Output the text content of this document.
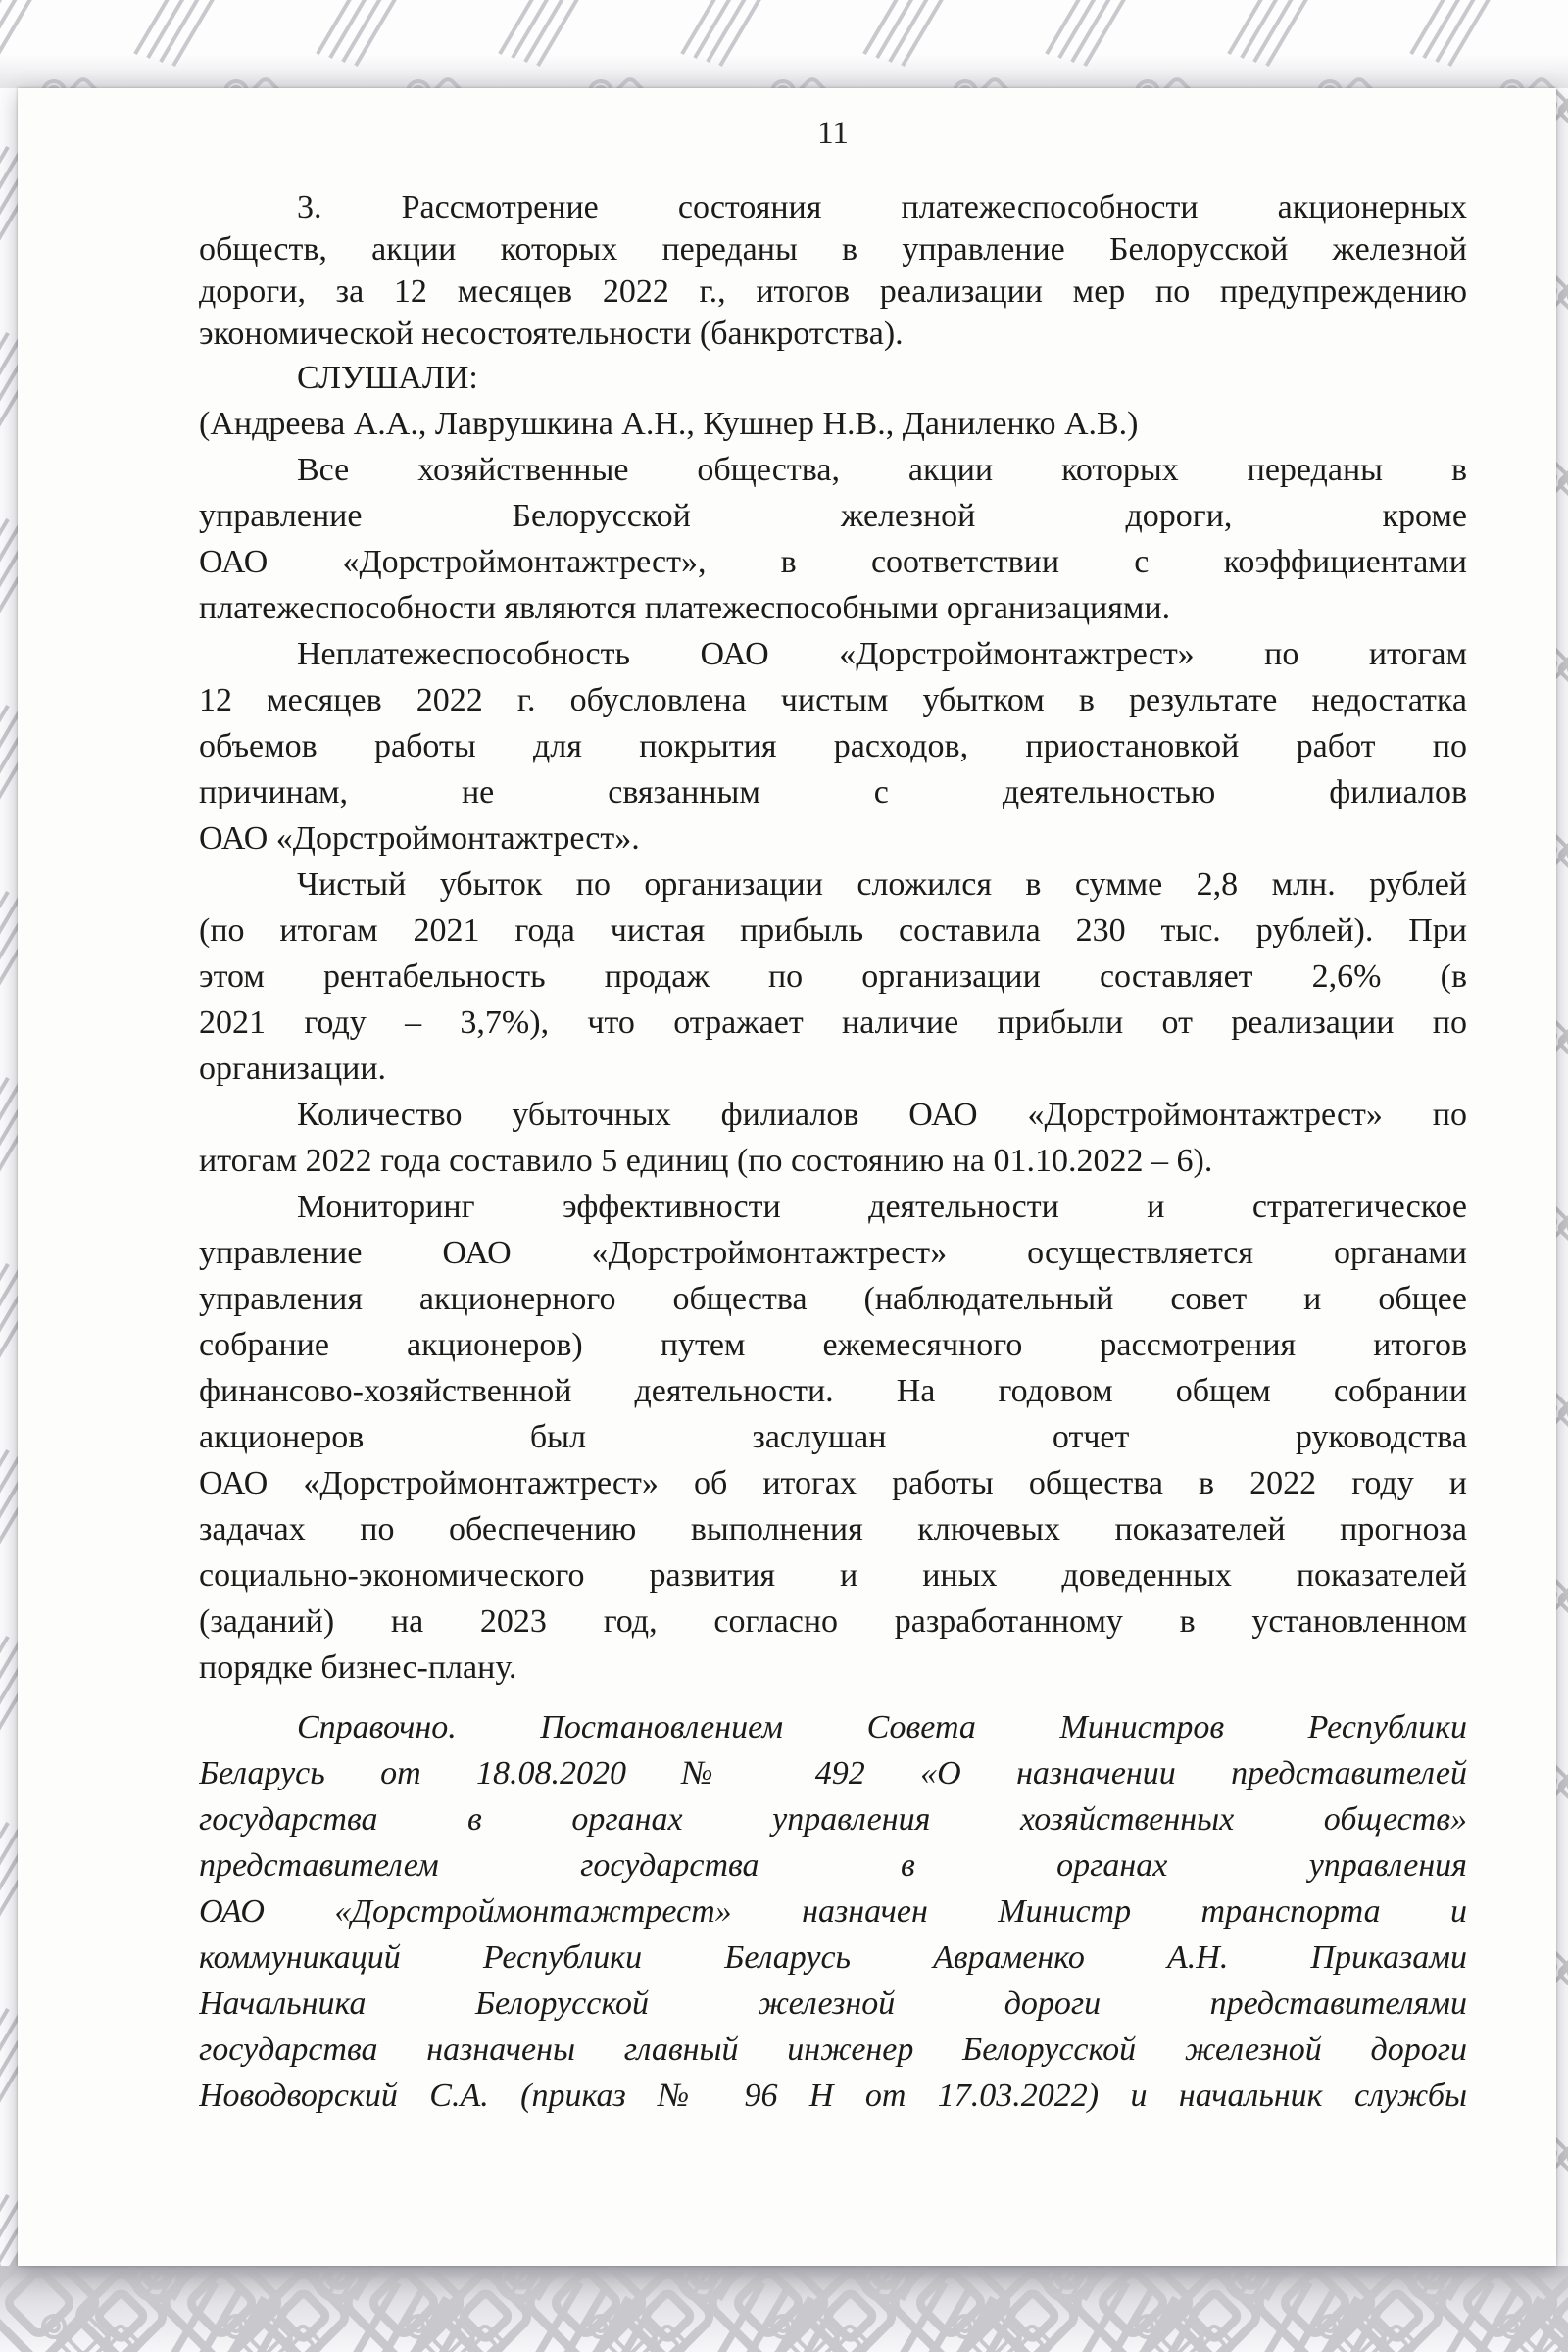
11
3. Рассмотрение состояния платежеспособности акционерных
обществ, акции которых переданы в управление Белорусской железной
дороги, за 12 месяцев 2022 г., итогов реализации мер по предупреждению
экономической несостоятельности (банкротства).
СЛУШАЛИ:
(Андреева А.А., Лаврушкина А.Н., Кушнер Н.В., Даниленко А.В.)
Все хозяйственные общества, акции которых переданы в
управление Белорусской железной дороги, кроме
ОАО «Дорстроймонтажтрест», в соответствии с коэффициентами
платежеспособности являются платежеспособными организациями.
Неплатежеспособность ОАО «Дорстроймонтажтрест» по итогам
12 месяцев 2022 г. обусловлена чистым убытком в результате недостатка
объемов работы для покрытия расходов, приостановкой работ по
причинам, не связанным с деятельностью филиалов
ОАО «Дорстроймонтажтрест».
Чистый убыток по организации сложился в сумме 2,8 млн. рублей
(по итогам 2021 года чистая прибыль составила 230 тыс. рублей). При
этом рентабельность продаж по организации составляет 2,6% (в
2021 году – 3,7%), что отражает наличие прибыли от реализации по
организации.
Количество убыточных филиалов ОАО «Дорстроймонтажтрест» по
итогам 2022 года составило 5 единиц (по состоянию на 01.10.2022 – 6).
Мониторинг эффективности деятельности и стратегическое
управление ОАО «Дорстроймонтажтрест» осуществляется органами
управления акционерного общества (наблюдательный совет и общее
собрание акционеров) путем ежемесячного рассмотрения итогов
финансово-хозяйственной деятельности. На годовом общем собрании
акционеров был заслушан отчет руководства
ОАО «Дорстроймонтажтрест» об итогах работы общества в 2022 году и
задачах по обеспечению выполнения ключевых показателей прогноза
социально-экономического развития и иных доведенных показателей
(заданий) на 2023 год, согласно разработанному в установленном
порядке бизнес-плану.
Справочно. Постановлением Совета Министров Республики
Беларусь от 18.08.2020 № 492 «О назначении представителей
государства в органах управления хозяйственных обществ»
представителем государства в органах управления
ОАО «Дорстроймонтажтрест» назначен Министр транспорта и
коммуникаций Республики Беларусь Авраменко А.Н. Приказами
Начальника Белорусской железной дороги представителями
государства назначены главный инженер Белорусской железной дороги
Новодворский С.А. (приказ № 96 Н от 17.03.2022) и начальник службы
